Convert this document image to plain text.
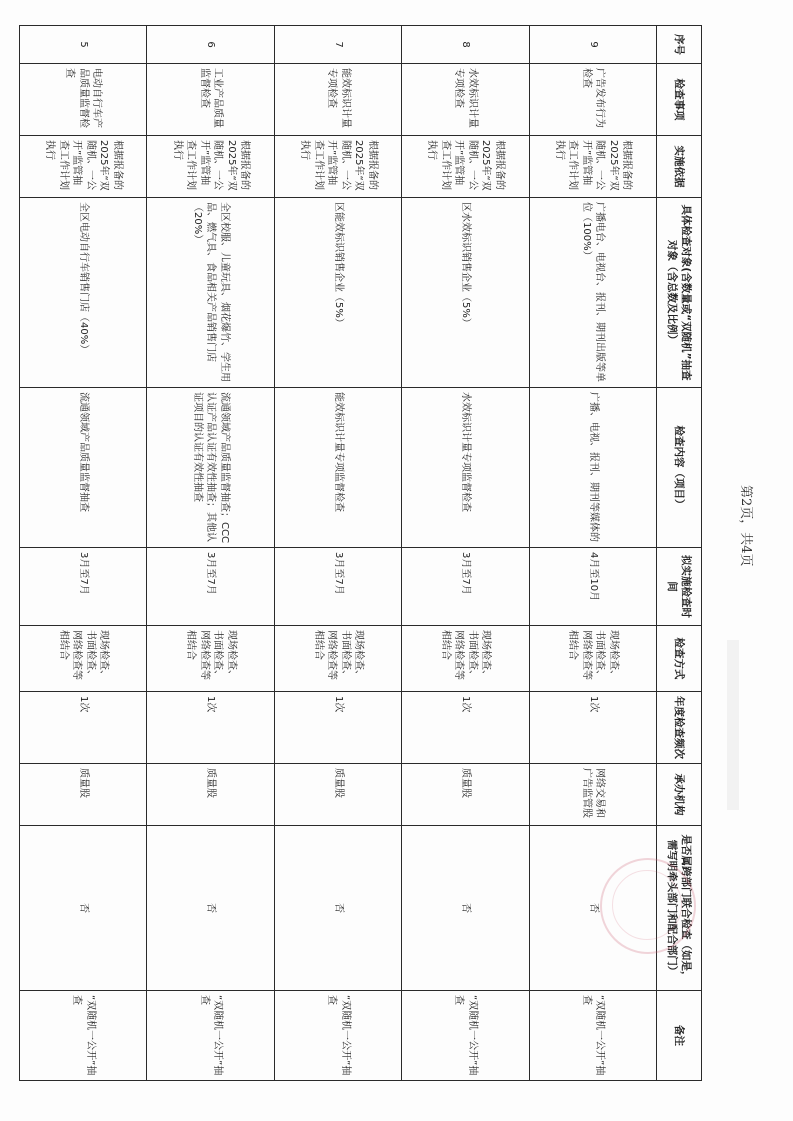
序号	检查事项	实施依据	具体检查对象(含数量或“双随机”抽查对象（含总数及比例）	检查内容（项目）	拟实施检查时间	检查方式	年度检查频次	承办机构	是否属跨部门联合检查（如是，需写明牵头部门和配合部门）	备注
9	广告发布行为检查	根据报备的2025年“双随机、一公开”监管抽查工作计划执行	广播电台、电视台、报刊、期刊出版等单位（100%）	广播、电视、报刊、期刊等媒体的	4月至10月	现场检查、书面检查、网络检查等相结合	1次	网络交易和广告监管股	否	“双随机一公开”抽查
8	水效标识计量专项检查	根据报备的2025年“双随机、一公开”监管抽查工作计划执行	区水效标识销售企业（5%）	水效标识计量专项监督检查	3月至7月	现场检查、书面检查、网络检查等相结合	1次	质量股	否	“双随机一公开”抽查
7	能效标识计量专项检查	根据报备的2025年“双随机、一公开”监管抽查工作计划执行	区能效标识销售企业（5%）	能效标识计量专项监督检查	3月至7月	现场检查、书面检查、网络检查等相结合	1次	质量股	否	“双随机一公开”抽查
6	工业产品质量监督检查	根据报备的2025年“双随机、一公开”监管抽查工作计划执行	全区校服、儿童玩具、烟花爆竹、学生用品、燃气具、食品相关产品销售门店（20%）	流通领域产品质量监督抽查；CCC认证产品认证有效性抽查；其他认证项目的认证有效性抽查	3月至7月	现场检查、书面检查、网络检查等相结合	1次	质量股	否	“双随机一公开”抽查
5	电动自行车产品质量监督检查	根据报备的2025年“双随机、一公开”监管抽查工作计划执行	全区电动自行车销售门店（40%）	流通领域产品质量监督抽查	3月至7月	现场检查、书面检查、网络检查等相结合	1次	质量股	否	“双随机一公开”抽查
第2页，共4页
